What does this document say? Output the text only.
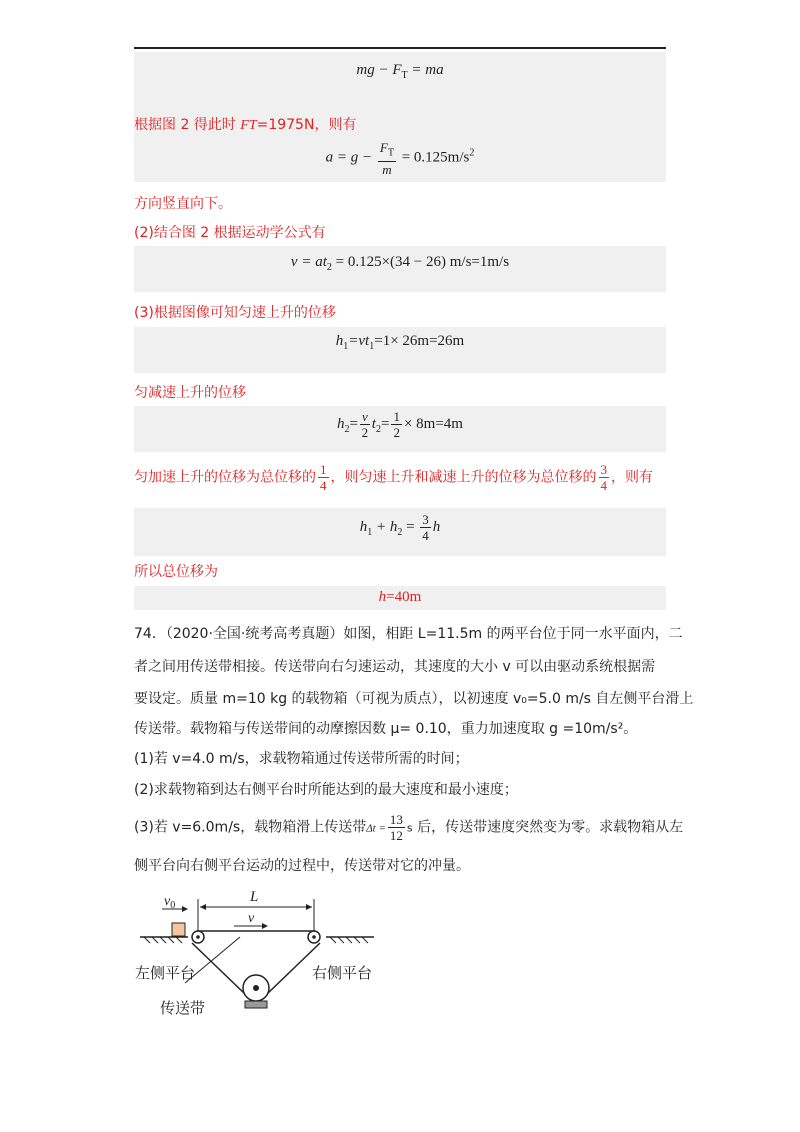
mg − $F_T$ = ma
根据图 2 得此时 FT=1975N，则有
$a = g - \frac{F_T}{m} = 0.125m/s^2$
方向竖直向下。
(2)结合图 2 根据运动学公式有
$v = at_2 = 0.125\times(34 - 26)$ m/s=1m/s
(3)根据图像可知匀速上升的位移
$h_1=vt_1=1\times 26m=26m$
匀减速上升的位移
$h_2= \frac{v}{2} t_2= \frac{1}{2} \times 8m=4m$
匀加速上升的位移为总位移的 $\frac{1}{4}$ ，则匀速上升和减速上升的位移为总位移的 $\frac{3}{4}$ ，则有
$h_1 + h_2 = \frac{3}{4}$ h
所以总位移为
h=40m
74．（2020·全国·统考高考真题）如图，相距 L=11.5m 的两平台位于同一水平面内，二
者之间用传送带相接。传送带向右匀速运动，其速度的大小 v 可以由驱动系统根据需
要设定。质量 m=10 kg 的载物箱（可视为质点），以初速度 v₀=5.0 m/s 自左侧平台滑上
传送带。载物箱与传送带间的动摩擦因数 μ= 0.10，重力加速度取 g =10m/s²。
(1)若 v=4.0 m/s，求载物箱通过传送带所需的时间；
(2)求载物箱到达右侧平台时所能达到的最大速度和最小速度；
(3)若 v=6.0m/s，载物箱滑上传送带$\Delta t = \frac{13}{12}$ s 后，传送带速度突然变为零。求载物箱从左
侧平台向右侧平台运动的过程中，传送带对它的冲量。
L
v
$v_0$
左侧平台	右侧平台
传送带
